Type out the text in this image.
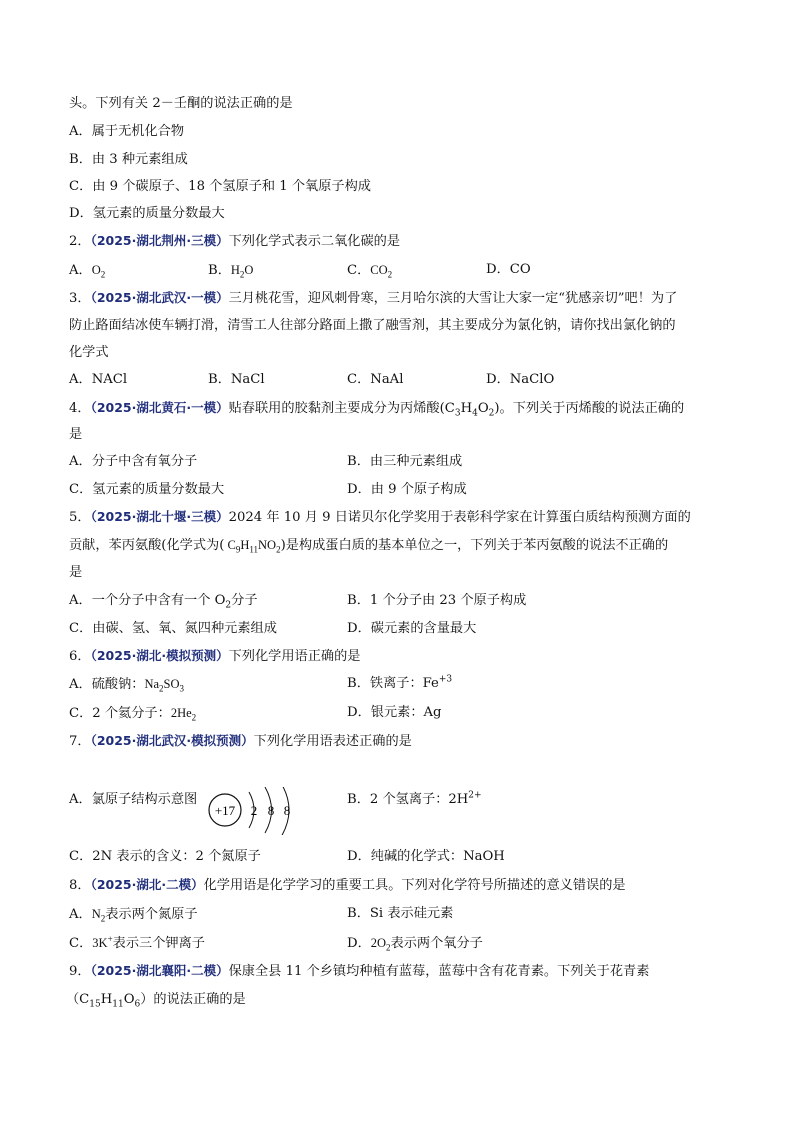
头。下列有关 2－壬酮的说法正确的是
A．属于无机化合物
B．由 3 种元素组成
C．由 9 个碳原子、18 个氢原子和 1 个氧原子构成
D．氢元素的质量分数最大
2．（2025·湖北荆州·三模）下列化学式表示二氧化碳的是
A．$O_2$	B．$H_2O$	C．$CO_2$	D．CO
3．（2025·湖北武汉·一模）三月桃花雪，迎风刺骨寒，三月哈尔滨的大雪让大家一定“犹感亲切”吧！为了
防止路面结冰使车辆打滑，清雪工人往部分路面上撒了融雪剂，其主要成分为氯化钠，请你找出氯化钠的
化学式
A．NACl	B．NaCl	C．NaAl	D．NaClO
4．（2025·湖北黄石·一模）贴春联用的胶黏剂主要成分为丙烯酸$(C_3H_4O_2)$。下列关于丙烯酸的说法正确的
是
A．分子中含有氧分子	B．由三种元素组成
C．氢元素的质量分数最大	D．由 9 个原子构成
5．（2025·湖北十堰·三模）2024 年 10 月 9 日诺贝尔化学奖用于表彰科学家在计算蛋白质结构预测方面的
贡献，苯丙氨酸(化学式为( $C_9H_{11}NO_2$)是构成蛋白质的基本单位之一，下列关于苯丙氨酸的说法不正确的
是
A．一个分子中含有一个 $O_2$分子	B．1 个分子由 23 个原子构成
C．由碳、氢、氧、氮四种元素组成	D．碳元素的含量最大
6．（2025·湖北·模拟预测）下列化学用语正确的是
A．硫酸钠：$Na_2SO_3$	B．铁离子：$Fe^{+3}$
C．2 个氦分子：$2He_2$	D．银元素：Ag
7．（2025·湖北武汉·模拟预测）下列化学用语表述正确的是
A．氯原子结构示意图
+17 2 8 8
B．2 个氢离子：$2H^{2+}$
C．2N 表示的含义：2 个氮原子	D．纯碱的化学式：NaOH
8．（2025·湖北·二模）化学用语是化学学习的重要工具。下列对化学符号所描述的意义错误的是
A．$N_2$表示两个氮原子	B．Si 表示硅元素
C．3K+表示三个钾离子	D．$2O_2$表示两个氧分子
9．（2025·湖北襄阳·二模）保康全县 11 个乡镇均种植有蓝莓，蓝莓中含有花青素。下列关于花青素
$(C_{15}H_{11}O_6)$的说法正确的是
